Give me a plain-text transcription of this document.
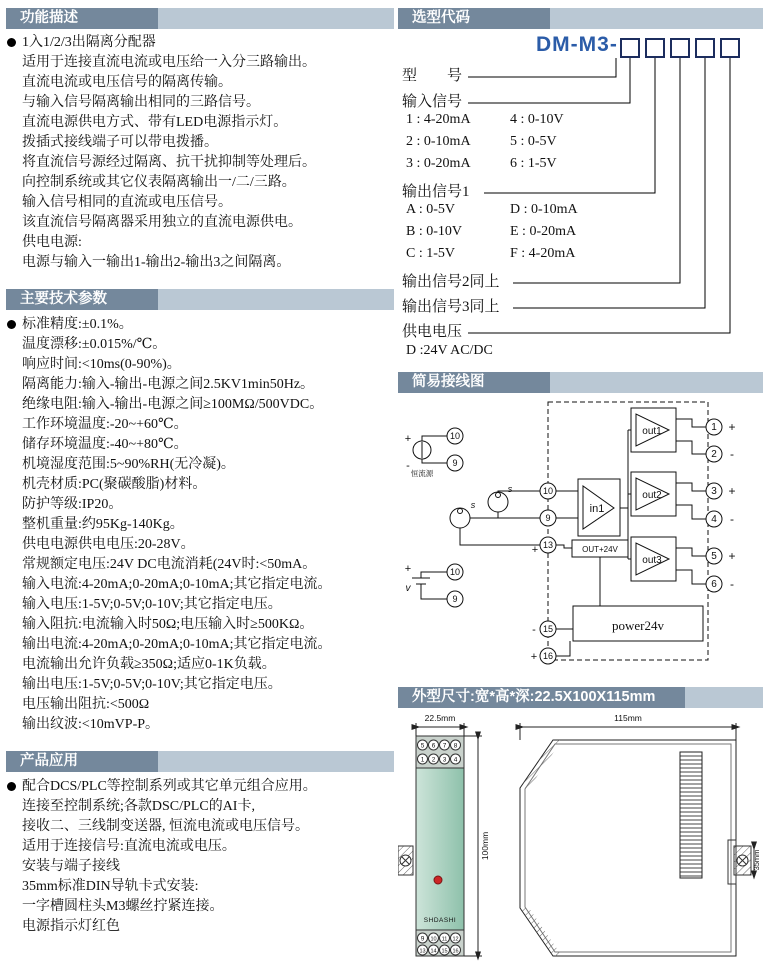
功能描述
1入1/2/3出隔离分配器
适用于连接直流电流或电压给一入分三路输出。
直流电流或电压信号的隔离传输。
与输入信号隔离输出相同的三路信号。
直流电源供电方式、带有LED电源指示灯。
拨插式接线端子可以带电拨播。
将直流信号源经过隔离、抗干扰抑制等处理后。
向控制系统或其它仪表隔离输出一/二/三路。
输入信号相同的直流或电压信号。
该直流信号隔离器采用独立的直流电源供电。
供电电源:
电源与输入一输出1-输出2-输出3之间隔离。
主要技术参数
标准精度:±0.1%。
温度漂移:±0.015%/℃。
响应时间:<10ms(0-90%)。
隔离能力:输入-输出-电源之间2.5KV1min50Hz。
绝缘电阻:输入-输出-电源之间≥100MΩ/500VDC。
工作环境温度:-20~+60℃。
储存环境温度:-40~+80℃。
机境湿度范围:5~90%RH(无冷凝)。
机壳材质:PC(聚碳酸脂)材料。
防护等级:IP20。
整机重量:约95Kg-140Kg。
供电电源供电电压:20-28V。
常规额定电压:24V DC电流消耗(24V时:<50mA。
输入电流:4-20mA;0-20mA;0-10mA;其它指定电流。
输入电压:1-5V;0-5V;0-10V;其它指定电压。
输入阻抗:电流输入时50Ω;电压输入时≥500KΩ。
输出电流:4-20mA;0-20mA;0-10mA;其它指定电流。
电流输出允许负载≥350Ω;适应0-1K负载。
输出电压:1-5V;0-5V;0-10V;其它指定电压。
电压输出阻抗:<500Ω
输出纹波:<10mVP-P。
产品应用
配合DCS/PLC等控制系列或其它单元组合应用。
连接至控制系统;各款DSC/PLC的AI卡,
接收二、三线制变送器, 恒流电流或电压信号。
适用于连接信号:直流电流或电压。
安装与端子接线
35mm标准DIN导轨卡式安装:
一字槽圆柱头M3螺丝拧紧连接。
电源指示灯红色
选型代码
DM-M3-
型　　号
输入信号
1 : 4-20mA	4 : 0-10V
2 : 0-10mA	5 : 0-5V
3 : 0-20mA	6 : 1-5V
输出信号1
A : 0-5V	D : 0-10mA
B : 0-10V	E : 0-20mA
C : 1-5V	F : 4-20mA
输出信号2同上
输出信号3同上
供电电压
D :24V AC/DC
简易接线图
10
9
+
-
恒流源
s
s
10
9
+
v
10
9
13
-
+
in1
OUT+24V
out1
out2
out3
power24v
1
2
3
4
5
6
+
-
+
-
+
-
15
16
-
+
外型尺寸:宽*高*深:22.5X100X115mm
5 6 7 8
1 2 3 4
9 10 11 12
13 14 15 16
SHDASHI
22.5mm
100mm
115mm
35mm
